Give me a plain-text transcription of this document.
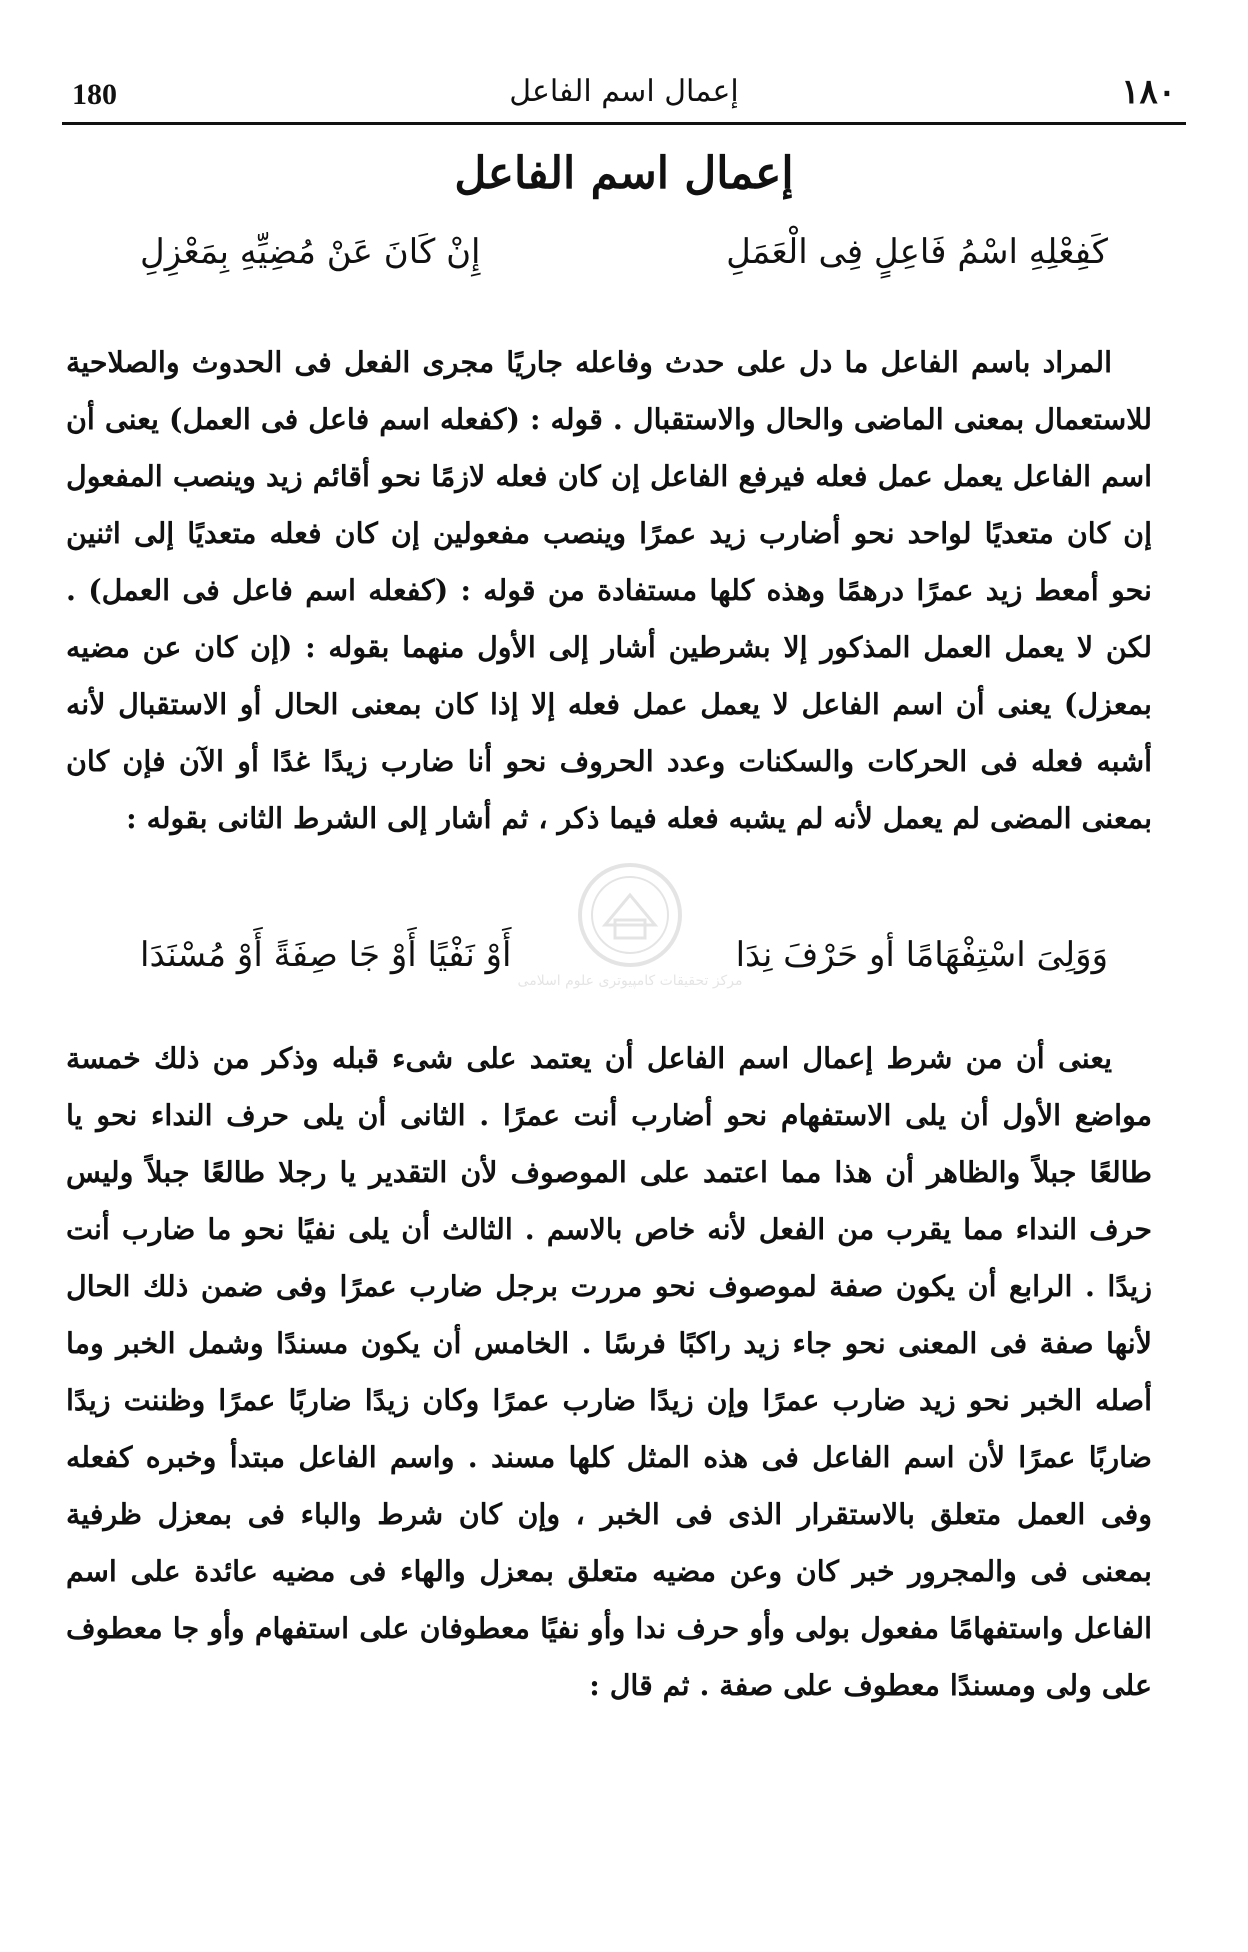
180	إعمال اسم الفاعل	١٨٠
إعمال اسم الفاعل
كَفِعْلِهِ اسْمُ فَاعِلٍ فِى الْعَمَلِ
إِنْ كَانَ عَنْ مُضِيِّهِ بِمَعْزِلِ

المراد باسم الفاعل ما دل على حدث وفاعله جاريًا مجرى الفعل فى الحدوث والصلاحية للاستعمال بمعنى الماضى والحال والاستقبال . قوله : (كفعله اسم فاعل فى العمل) يعنى أن اسم الفاعل يعمل عمل فعله فيرفع الفاعل إن كان فعله لازمًا نحو أقائم زيد وينصب المفعول إن كان متعديًا لواحد نحو أضارب زيد عمرًا وينصب مفعولين إن كان فعله متعديًا إلى اثنين نحو أمعط زيد عمرًا درهمًا وهذه كلها مستفادة من قوله : (كفعله اسم فاعل فى العمل) . لكن لا يعمل العمل المذكور إلا بشرطين أشار إلى الأول منهما بقوله : (إن كان عن مضيه بمعزل) يعنى أن اسم الفاعل لا يعمل عمل فعله إلا إذا كان بمعنى الحال أو الاستقبال لأنه أشبه فعله فى الحركات والسكنات وعدد الحروف نحو أنا ضارب زيدًا غدًا أو الآن فإن كان بمعنى المضى لم يعمل لأنه لم يشبه فعله فيما ذكر ، ثم أشار إلى الشرط الثانى بقوله :

مركز تحقيقات كامپيوترى علوم اسلامى
وَوَلِىَ اسْتِفْهَامًا أو حَرْفَ نِدَا
أَوْ نَفْيًا أَوْ جَا صِفَةً أَوْ مُسْنَدَا

يعنى أن من شرط إعمال اسم الفاعل أن يعتمد على شىء قبله وذكر من ذلك خمسة مواضع الأول أن يلى الاستفهام نحو أضارب أنت عمرًا . الثانى أن يلى حرف النداء نحو يا طالعًا جبلاً والظاهر أن هذا مما اعتمد على الموصوف لأن التقدير يا رجلا طالعًا جبلاً وليس حرف النداء مما يقرب من الفعل لأنه خاص بالاسم . الثالث أن يلى نفيًا نحو ما ضارب أنت زيدًا . الرابع أن يكون صفة لموصوف نحو مررت برجل ضارب عمرًا وفى ضمن ذلك الحال لأنها صفة فى المعنى نحو جاء زيد راكبًا فرسًا . الخامس أن يكون مسندًا وشمل الخبر وما أصله الخبر نحو زيد ضارب عمرًا وإن زيدًا ضارب عمرًا وكان زيدًا ضاربًا عمرًا وظننت زيدًا ضاربًا عمرًا لأن اسم الفاعل فى هذه المثل كلها مسند . واسم الفاعل مبتدأ وخبره كفعله وفى العمل متعلق بالاستقرار الذى فى الخبر ، وإن كان شرط والباء فى بمعزل ظرفية بمعنى فى والمجرور خبر كان وعن مضيه متعلق بمعزل والهاء فى مضيه عائدة على اسم الفاعل واستفهامًا مفعول بولى وأو حرف ندا وأو نفيًا معطوفان على استفهام وأو جا معطوف على ولى ومسندًا معطوف على صفة . ثم قال :
